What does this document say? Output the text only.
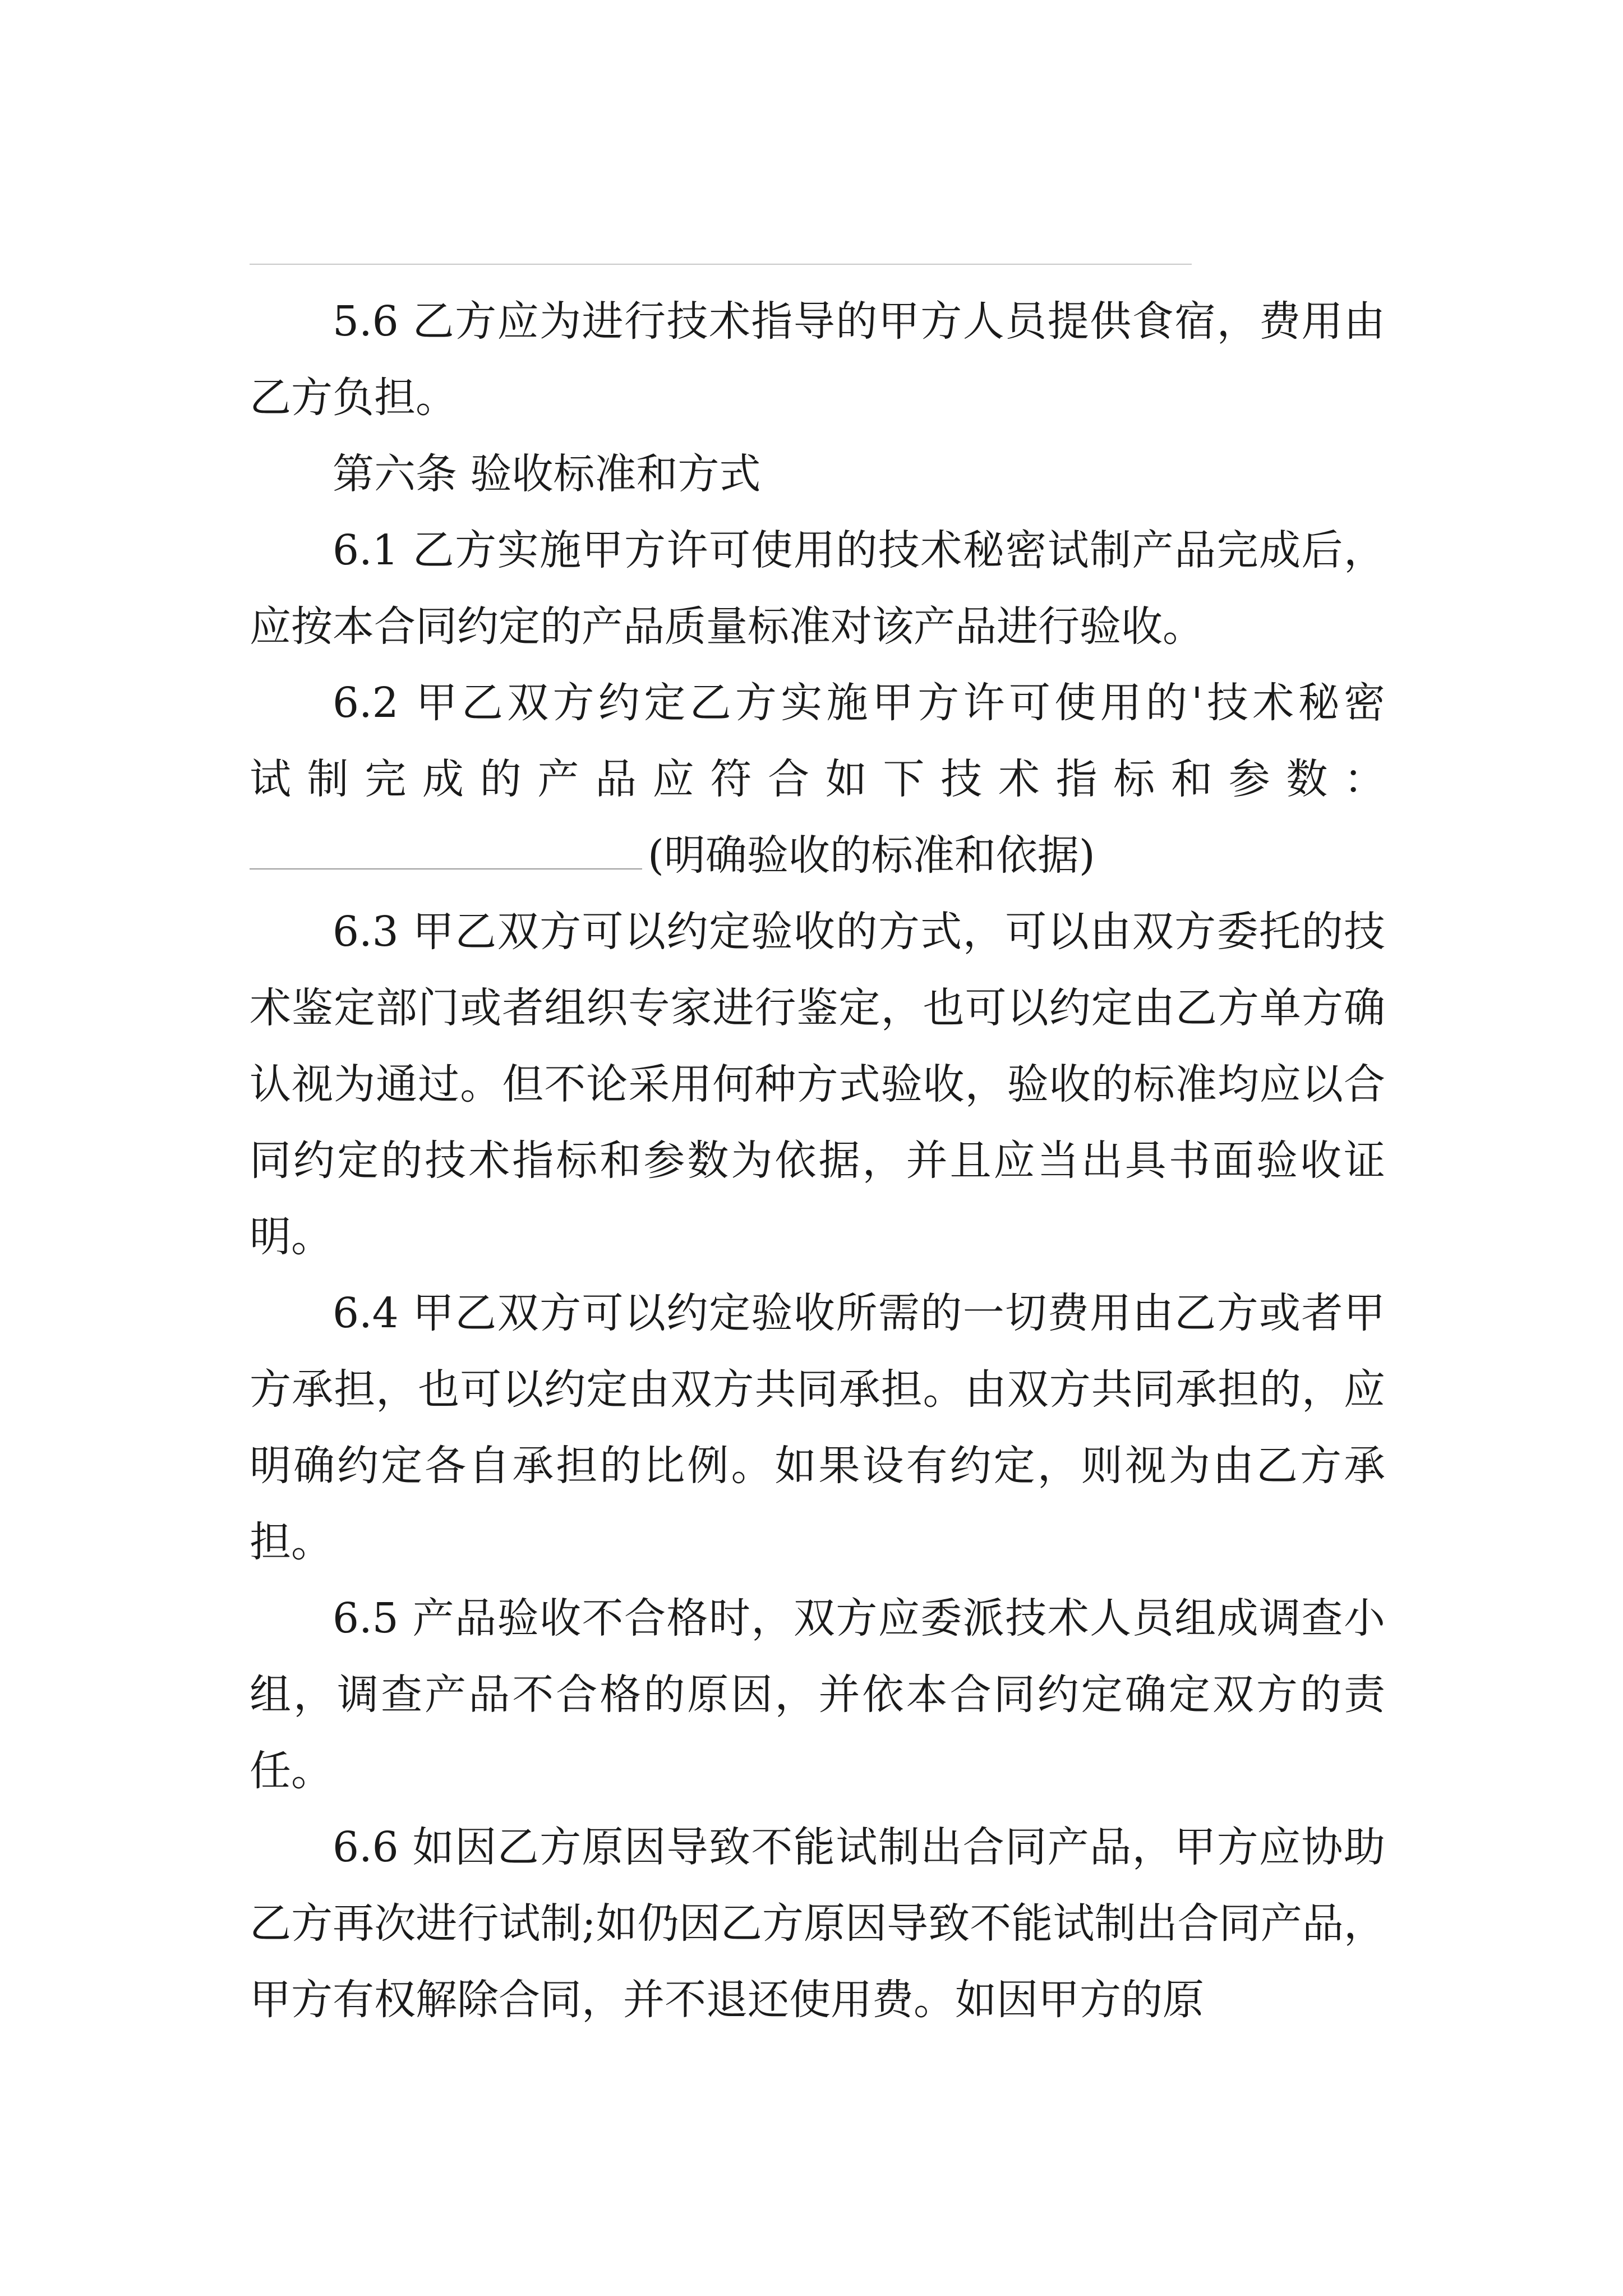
5.6 乙方应为进行技术指导的甲方人员提供食宿，费用由乙方负担。

第六条 验收标准和方式

6.1 乙方实施甲方许可使用的技术秘密试制产品完成后，应按本合同约定的产品质量标准对该产品进行验收。

6.2 甲乙双方约定乙方实施甲方许可使用的'技术秘密

试制完成的产品应符合如下技术指标和参数：

(明确验收的标准和依据)

6.3 甲乙双方可以约定验收的方式，可以由双方委托的技术鉴定部门或者组织专家进行鉴定，也可以约定由乙方单方确认视为通过。但不论采用何种方式验收，验收的标准均应以合同约定的技术指标和参数为依据，并且应当出具书面验收证明。

6.4 甲乙双方可以约定验收所需的一切费用由乙方或者甲方承担，也可以约定由双方共同承担。由双方共同承担的，应明确约定各自承担的比例。如果设有约定，则视为由乙方承担。

6.5 产品验收不合格时，双方应委派技术人员组成调查小组，调查产品不合格的原因，并依本合同约定确定双方的责任。

6.6 如因乙方原因导致不能试制出合同产品，甲方应协助乙方再次进行试制;如仍因乙方原因导致不能试制出合同产品，甲方有权解除合同，并不退还使用费。如因甲方的原
